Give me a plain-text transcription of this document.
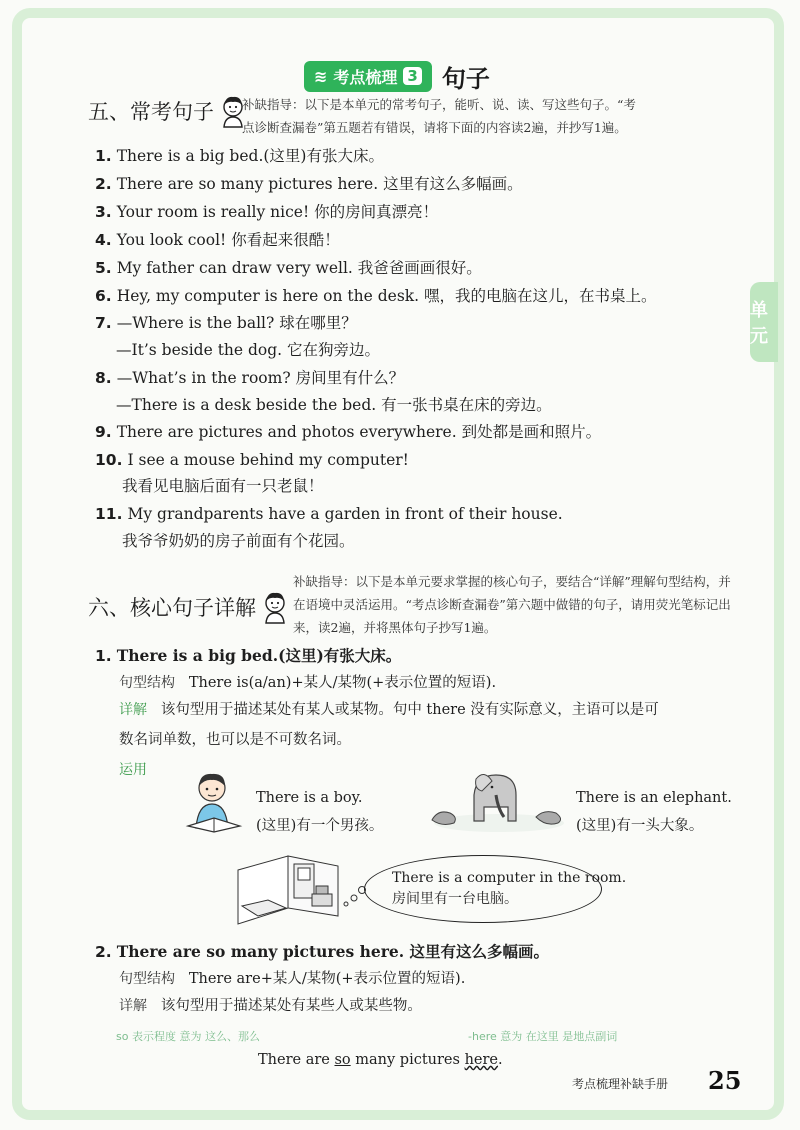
单元
≋ 考点梳理 3 句子
五、常考句子 补缺指导：以下是本单元的常考句子，能听、说、读、写这些句子。“考点诊断查漏卷”第五题若有错误，请将下面的内容读2遍，并抄写1遍。
1. There is a big bed.(这里)有张大床。
2. There are so many pictures here. 这里有这么多幅画。
3. Your room is really nice! 你的房间真漂亮！
4. You look cool! 你看起来很酷！
5. My father can draw very well. 我爸爸画画很好。
6. Hey, my computer is here on the desk. 嘿，我的电脑在这儿，在书桌上。
7. —Where is the ball? 球在哪里？
—It’s beside the dog. 它在狗旁边。
8. —What’s in the room? 房间里有什么？
—There is a desk beside the bed. 有一张书桌在床的旁边。
9. There are pictures and photos everywhere. 到处都是画和照片。
10. I see a mouse behind my computer!
我看见电脑后面有一只老鼠！
11. My grandparents have a garden in front of their house.
我爷爷奶奶的房子前面有个花园。
六、核心句子详解
补缺指导：以下是本单元要求掌握的核心句子，要结合“详解”理解句型结构，并在语境中灵活运用。“考点诊断查漏卷”第六题中做错的句子，请用荧光笔标记出来，读2遍，并将黑体句子抄写1遍。
1. There is a big bed.(这里)有张大床。
句型结构 There is(a/an)+某人/某物(+表示位置的短语).
详解 该句型用于描述某处有某人或某物。句中 there 没有实际意义，主语可以是可
数名词单数，也可以是不可数名词。
运用
There is a boy.
(这里)有一个男孩。
There is an elephant.
(这里)有一头大象。
There is a computer in the room.
房间里有一台电脑。
2. There are so many pictures here. 这里有这么多幅画。
句型结构 There are+某人/某物(+表示位置的短语).
详解 该句型用于描述某处有某些人或某些物。
so 表示程度 意为 这么、那么	-here 意为 在这里 是地点副词
There are so many pictures here.
考点梳理补缺手册 25
